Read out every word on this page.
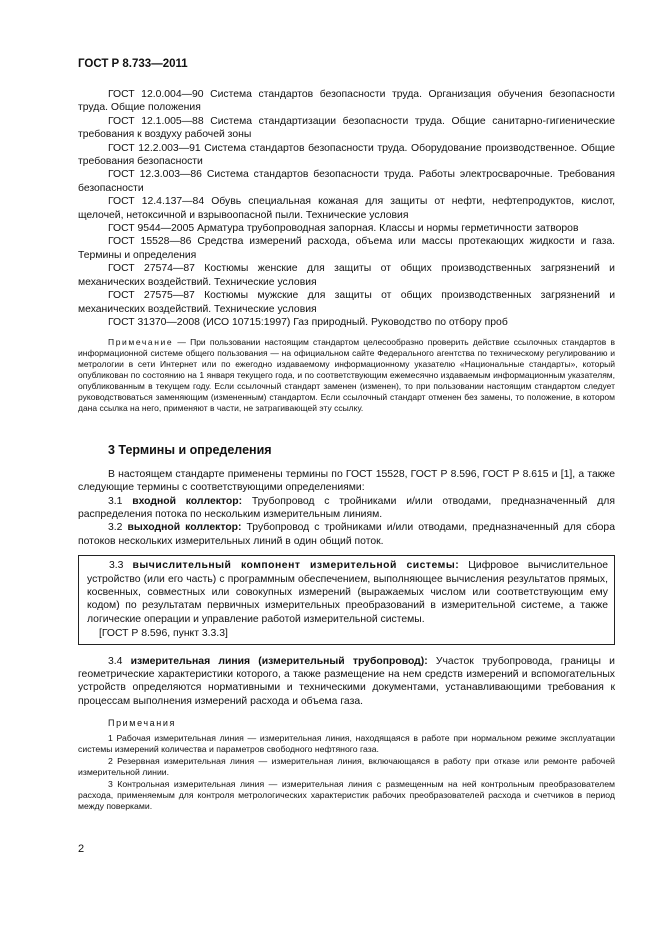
ГОСТ Р 8.733—2011

ГОСТ 12.0.004—90 Система стандартов безопасности труда. Организация обучения безопасности труда. Общие положения

ГОСТ 12.1.005—88 Система стандартизации безопасности труда. Общие санитарно-гигиенические требования к воздуху рабочей зоны

ГОСТ 12.2.003—91 Система стандартов безопасности труда. Оборудование производственное. Общие требования безопасности

ГОСТ 12.3.003—86 Система стандартов безопасности труда. Работы электросварочные. Требования безопасности

ГОСТ 12.4.137—84 Обувь специальная кожаная для защиты от нефти, нефтепродуктов, кислот, щелочей, нетоксичной и взрывоопасной пыли. Технические условия

ГОСТ 9544—2005 Арматура трубопроводная запорная. Классы и нормы герметичности затворов

ГОСТ 15528—86 Средства измерений расхода, объема или массы протекающих жидкости и газа. Термины и определения

ГОСТ 27574—87 Костюмы женские для защиты от общих производственных загрязнений и механических воздействий. Технические условия

ГОСТ 27575—87 Костюмы мужские для защиты от общих производственных загрязнений и механических воздействий. Технические условия

ГОСТ 31370—2008 (ИСО 10715:1997) Газ природный. Руководство по отбору проб

Примечание — При пользовании настоящим стандартом целесообразно проверить действие ссылочных стандартов в информационной системе общего пользования — на официальном сайте Федерального агентства по техническому регулированию и метрологии в сети Интернет или по ежегодно издаваемому информационному указателю «Национальные стандарты», который опубликован по состоянию на 1 января текущего года, и по соответствующим ежемесячно издаваемым информационным указателям, опубликованным в текущем году. Если ссылочный стандарт заменен (изменен), то при пользовании настоящим стандартом следует руководствоваться заменяющим (измененным) стандартом. Если ссылочный стандарт отменен без замены, то положение, в котором дана ссылка на него, применяют в части, не затрагивающей эту ссылку.

3 Термины и определения

В настоящем стандарте применены термины по ГОСТ 15528, ГОСТ Р 8.596, ГОСТ Р 8.615 и [1], а также следующие термины с соответствующими определениями:

3.1 входной коллектор: Трубопровод с тройниками и/или отводами, предназначенный для распределения потока по нескольким измерительным линиям.

3.2 выходной коллектор: Трубопровод с тройниками и/или отводами, предназначенный для сбора потоков нескольких измерительных линий в один общий поток.

3.3 вычислительный компонент измерительной системы: Цифровое вычислительное устройство (или его часть) с программным обеспечением, выполняющее вычисления результатов прямых, косвенных, совместных или совокупных измерений (выражаемых числом или соответствующим ему кодом) по результатам первичных измерительных преобразований в измерительной системе, а также логические операции и управление работой измерительной системы.

[ГОСТ Р 8.596, пункт 3.3.3]

3.4 измерительная линия (измерительный трубопровод): Участок трубопровода, границы и геометрические характеристики которого, а также размещение на нем средств измерений и вспомогательных устройств определяются нормативными и техническими документами, устанавливающими требования к процессам выполнения измерений расхода и объема газа.

Примечания

1 Рабочая измерительная линия — измерительная линия, находящаяся в работе при нормальном режиме эксплуатации системы измерений количества и параметров свободного нефтяного газа.

2 Резервная измерительная линия — измерительная линия, включающаяся в работу при отказе или ремонте рабочей измерительной линии.

3 Контрольная измерительная линия — измерительная линия с размещенным на ней контрольным преобразователем расхода, применяемым для контроля метрологических характеристик рабочих преобразователей расхода и счетчиков в период между поверками.

2
